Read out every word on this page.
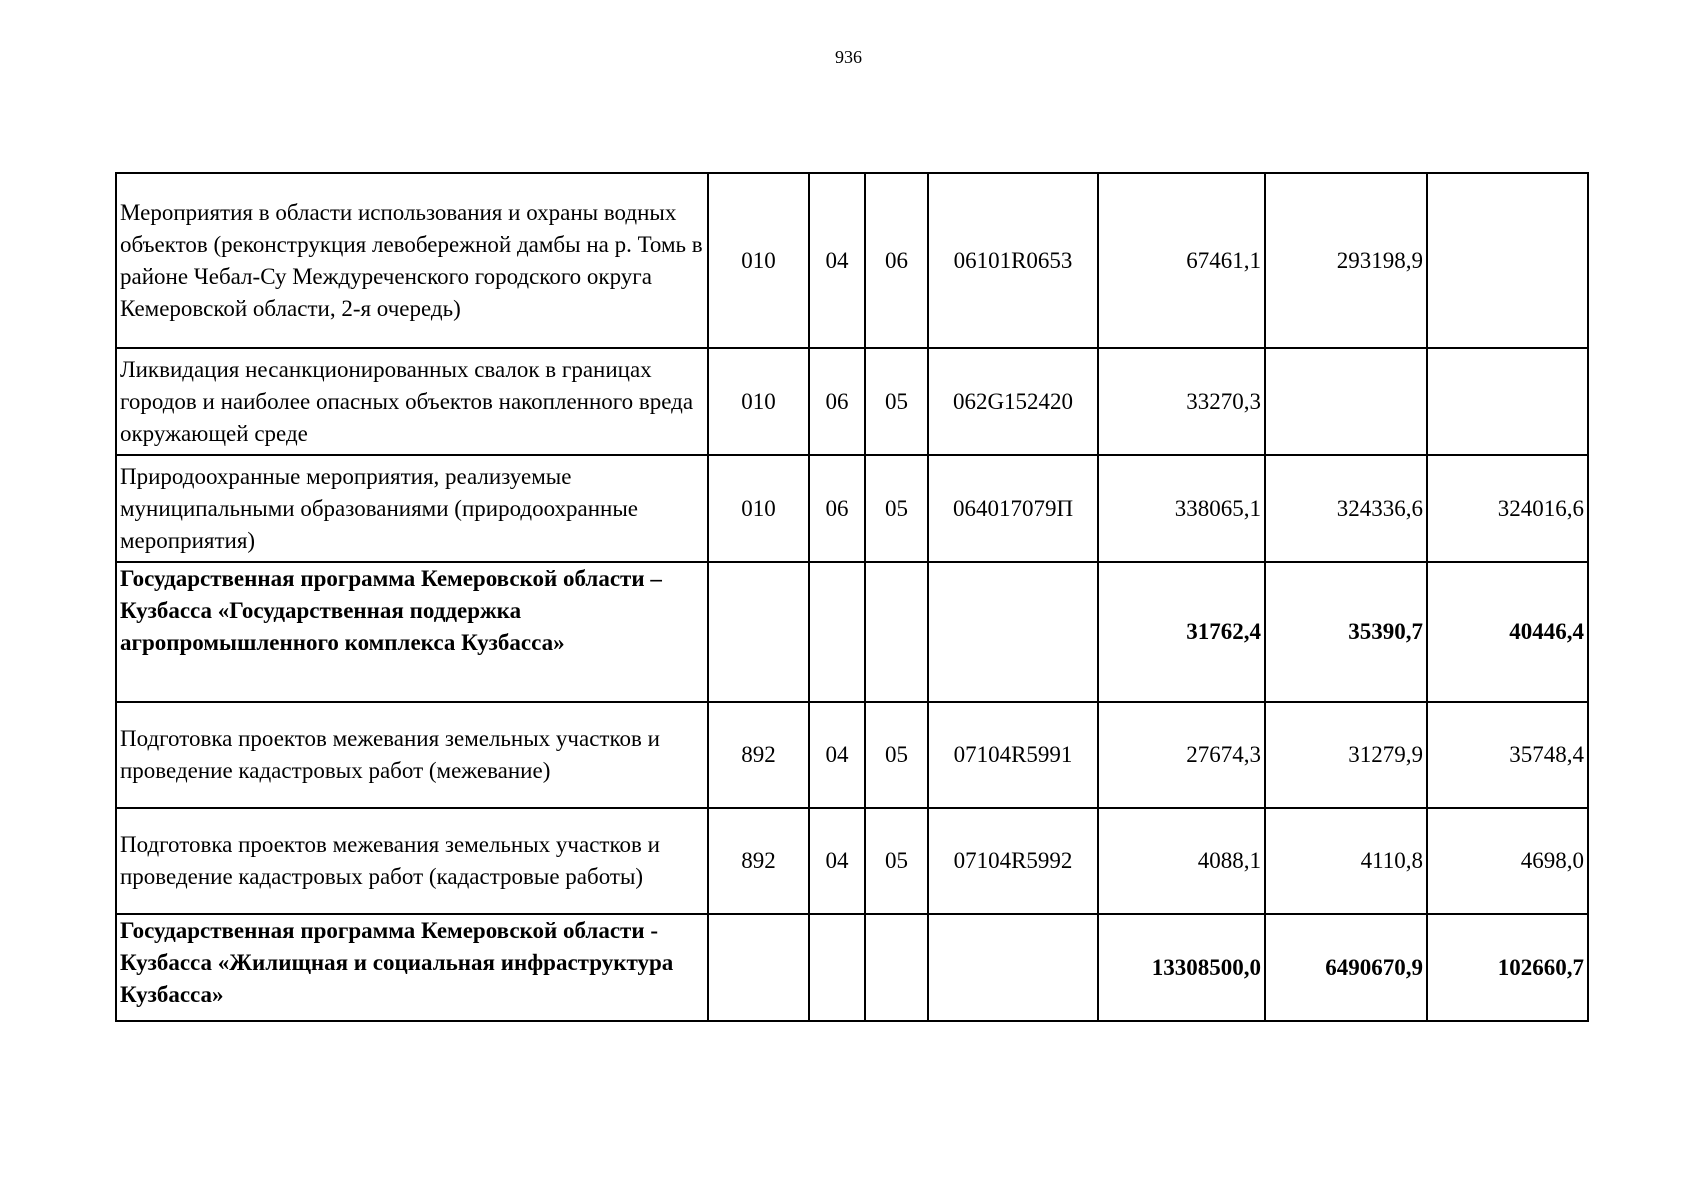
936
Мероприятия в области использования и охраны водных объектов (реконструкция левобережной дамбы на р. Томь в районе Чебал-Су Междуреченского городского округа Кемеровской области, 2-я очередь)	010	04	06	06101R0653	67461,1	293198,9	
Ликвидация несанкционированных свалок в границах городов и наиболее опасных объектов накопленного вреда окружающей среде	010	06	05	062G152420	33270,3		
Природоохранные мероприятия, реализуемые муниципальными образованиями (природоохранные мероприятия)	010	06	05	064017079П	338065,1	324336,6	324016,6
Государственная программа Кемеровской области – Кузбасса «Государственная поддержка агропромышленного комплекса Кузбасса»					31762,4	35390,7	40446,4
Подготовка проектов межевания земельных участков и проведение кадастровых работ (межевание)	892	04	05	07104R5991	27674,3	31279,9	35748,4
Подготовка проектов межевания земельных участков и проведение кадастровых работ (кадастровые работы)	892	04	05	07104R5992	4088,1	4110,8	4698,0
Государственная программа Кемеровской области - Кузбасса «Жилищная и социальная инфраструктура Кузбасса»					13308500,0	6490670,9	102660,7
